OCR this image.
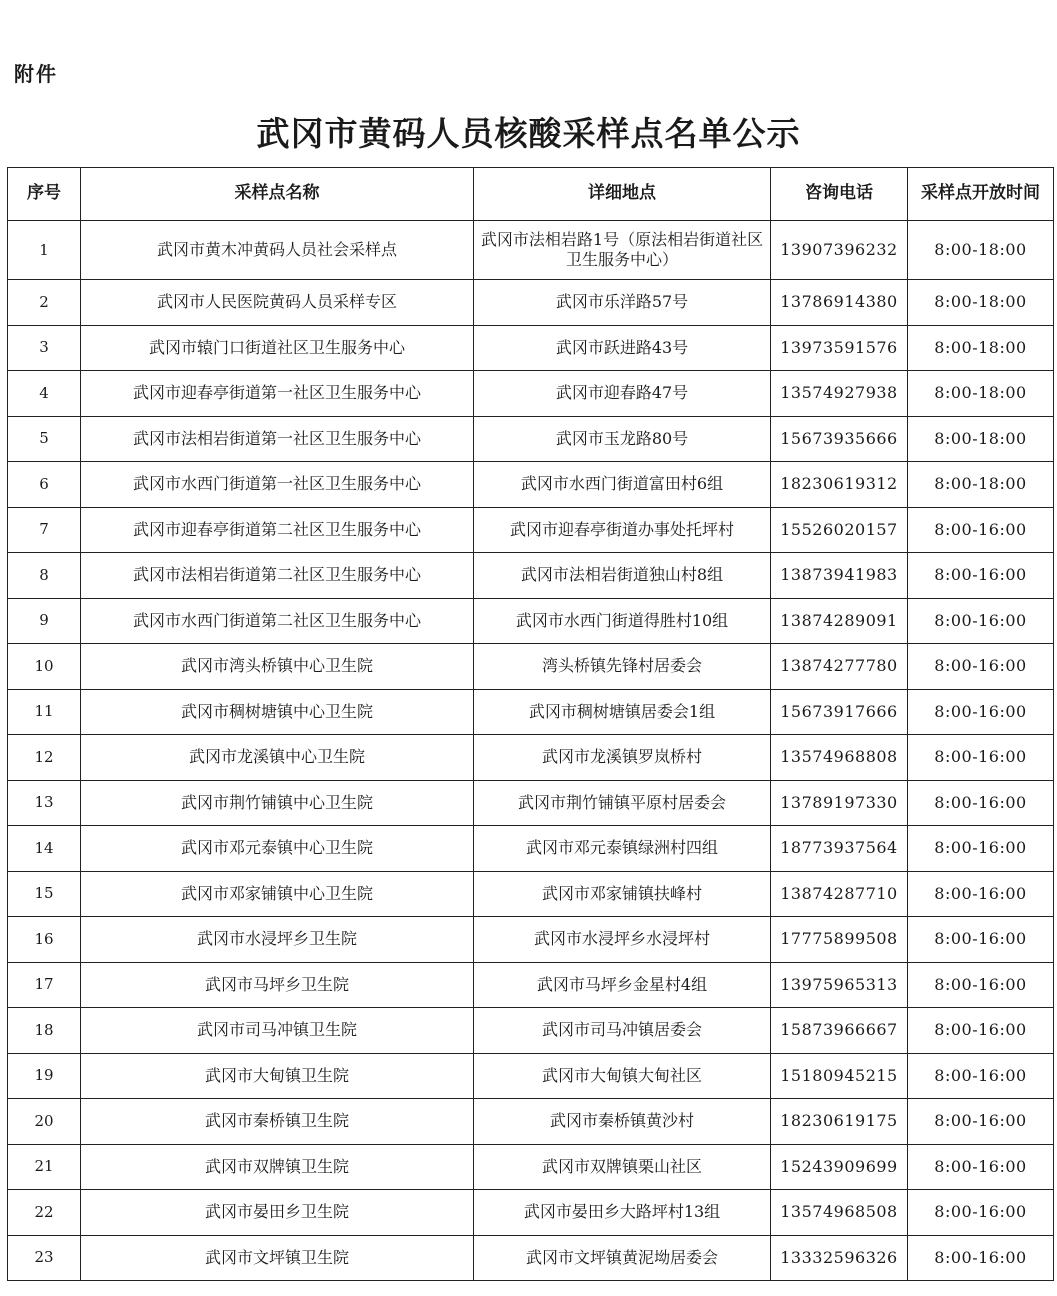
附件
武冈市黄码人员核酸采样点名单公示
序号	采样点名称	详细地点	咨询电话	采样点开放时间
1	武冈市黄木冲黄码人员社会采样点	武冈市法相岩路1号（原法相岩街道社区卫生服务中心）	13907396232	8:00-18:00
2	武冈市人民医院黄码人员采样专区	武冈市乐洋路57号	13786914380	8:00-18:00
3	武冈市辕门口街道社区卫生服务中心	武冈市跃进路43号	13973591576	8:00-18:00
4	武冈市迎春亭街道第一社区卫生服务中心	武冈市迎春路47号	13574927938	8:00-18:00
5	武冈市法相岩街道第一社区卫生服务中心	武冈市玉龙路80号	15673935666	8:00-18:00
6	武冈市水西门街道第一社区卫生服务中心	武冈市水西门街道富田村6组	18230619312	8:00-18:00
7	武冈市迎春亭街道第二社区卫生服务中心	武冈市迎春亭街道办事处托坪村	15526020157	8:00-16:00
8	武冈市法相岩街道第二社区卫生服务中心	武冈市法相岩街道独山村8组	13873941983	8:00-16:00
9	武冈市水西门街道第二社区卫生服务中心	武冈市水西门街道得胜村10组	13874289091	8:00-16:00
10	武冈市湾头桥镇中心卫生院	湾头桥镇先锋村居委会	13874277780	8:00-16:00
11	武冈市稠树塘镇中心卫生院	武冈市稠树塘镇居委会1组	15673917666	8:00-16:00
12	武冈市龙溪镇中心卫生院	武冈市龙溪镇罗岚桥村	13574968808	8:00-16:00
13	武冈市荆竹铺镇中心卫生院	武冈市荆竹铺镇平原村居委会	13789197330	8:00-16:00
14	武冈市邓元泰镇中心卫生院	武冈市邓元泰镇绿洲村四组	18773937564	8:00-16:00
15	武冈市邓家铺镇中心卫生院	武冈市邓家铺镇扶峰村	13874287710	8:00-16:00
16	武冈市水浸坪乡卫生院	武冈市水浸坪乡水浸坪村	17775899508	8:00-16:00
17	武冈市马坪乡卫生院	武冈市马坪乡金星村4组	13975965313	8:00-16:00
18	武冈市司马冲镇卫生院	武冈市司马冲镇居委会	15873966667	8:00-16:00
19	武冈市大甸镇卫生院	武冈市大甸镇大甸社区	15180945215	8:00-16:00
20	武冈市秦桥镇卫生院	武冈市秦桥镇黄沙村	18230619175	8:00-16:00
21	武冈市双牌镇卫生院	武冈市双牌镇栗山社区	15243909699	8:00-16:00
22	武冈市晏田乡卫生院	武冈市晏田乡大路坪村13组	13574968508	8:00-16:00
23	武冈市文坪镇卫生院	武冈市文坪镇黄泥坳居委会	13332596326	8:00-16:00
